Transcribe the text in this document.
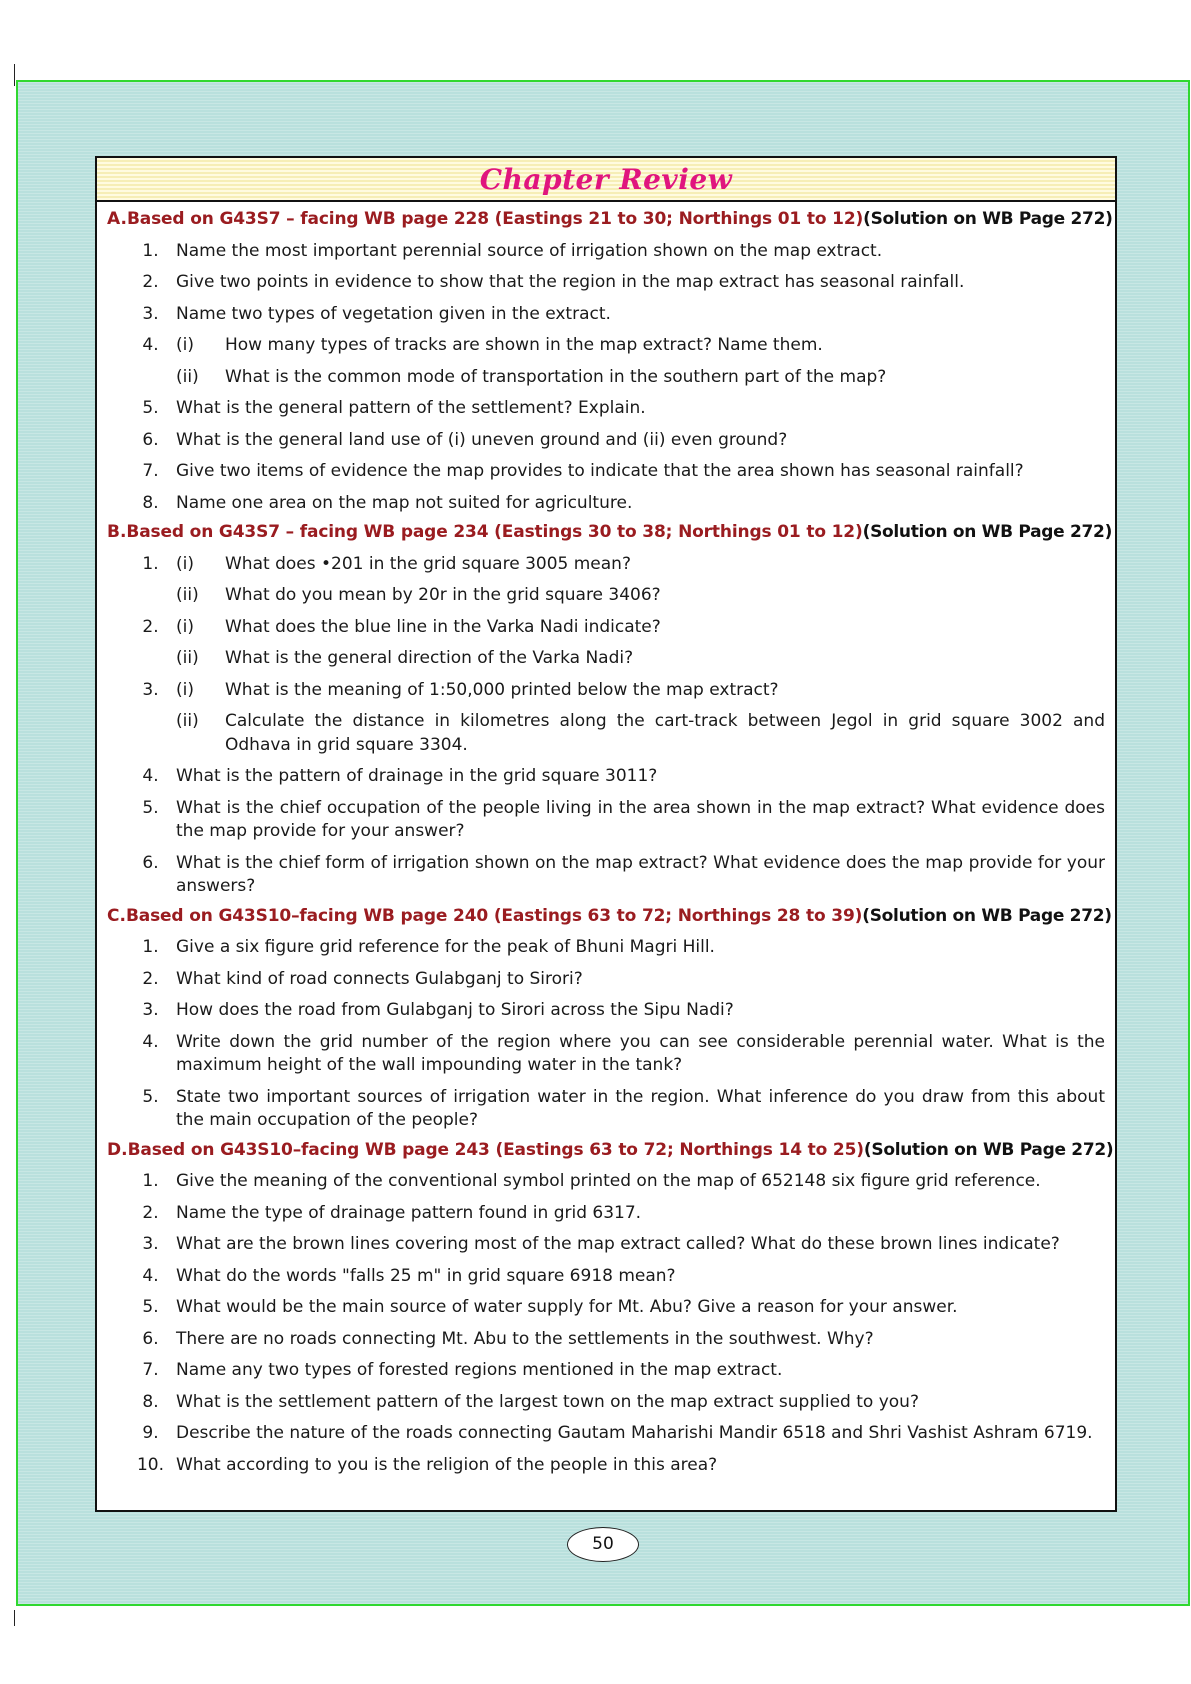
Chapter Review
A. Based on G43S7 – facing WB page 228 (Eastings 21 to 30; Northings 01 to 12)(Solution on WB Page 272)
1.	Name the most important perennial source of irrigation shown on the map extract.
2.	Give two points in evidence to show that the region in the map extract has seasonal rainfall.
3.	Name two types of vegetation given in the extract.
4.	(i)	How many types of tracks are shown in the map extract? Name them.
(ii)	What is the common mode of transportation in the southern part of the map?
5.	What is the general pattern of the settlement? Explain.
6.	What is the general land use of (i) uneven ground and (ii) even ground?
7.	Give two items of evidence the map provides to indicate that the area shown has seasonal rainfall?
8.	Name one area on the map not suited for agriculture.
B. Based on G43S7 – facing WB page 234 (Eastings 30 to 38; Northings 01 to 12)(Solution on WB Page 272)
1.	(i)	What does •201 in the grid square 3005 mean?
(ii)	What do you mean by 20r in the grid square 3406?
2.	(i)	What does the blue line in the Varka Nadi indicate?
(ii)	What is the general direction of the Varka Nadi?
3.	(i)	What is the meaning of 1:50,000 printed below the map extract?
(ii)	Calculate the distance in kilometres along the cart-track between Jegol in grid square 3002 and Odhava in grid square 3304.
4.	What is the pattern of drainage in the grid square 3011?
5.	What is the chief occupation of the people living in the area shown in the map extract? What evidence does the map provide for your answer?
6.	What is the chief form of irrigation shown on the map extract? What evidence does the map provide for your answers?
C. Based on G43S10–facing WB page 240 (Eastings 63 to 72; Northings 28 to 39)(Solution on WB Page 272)
1.	Give a six figure grid reference for the peak of Bhuni Magri Hill.
2.	What kind of road connects Gulabganj to Sirori?
3.	How does the road from Gulabganj to Sirori across the Sipu Nadi?
4.	Write down the grid number of the region where you can see considerable perennial water. What is the maximum height of the wall impounding water in the tank?
5.	State two important sources of irrigation water in the region. What inference do you draw from this about the main occupation of the people?
D. Based on G43S10–facing WB page 243 (Eastings 63 to 72; Northings 14 to 25)(Solution on WB Page 272)
1.	Give the meaning of the conventional symbol printed on the map of 652148 six figure grid reference.
2.	Name the type of drainage pattern found in grid 6317.
3.	What are the brown lines covering most of the map extract called? What do these brown lines indicate?
4.	What do the words "falls 25 m" in grid square 6918 mean?
5.	What would be the main source of water supply for Mt. Abu? Give a reason for your answer.
6.	There are no roads connecting Mt. Abu to the settlements in the southwest. Why?
7.	Name any two types of forested regions mentioned in the map extract.
8.	What is the settlement pattern of the largest town on the map extract supplied to you?
9.	Describe the nature of the roads connecting Gautam Maharishi Mandir 6518 and Shri Vashist Ashram 6719.
10. What according to you is the religion of the people in this area?
50
